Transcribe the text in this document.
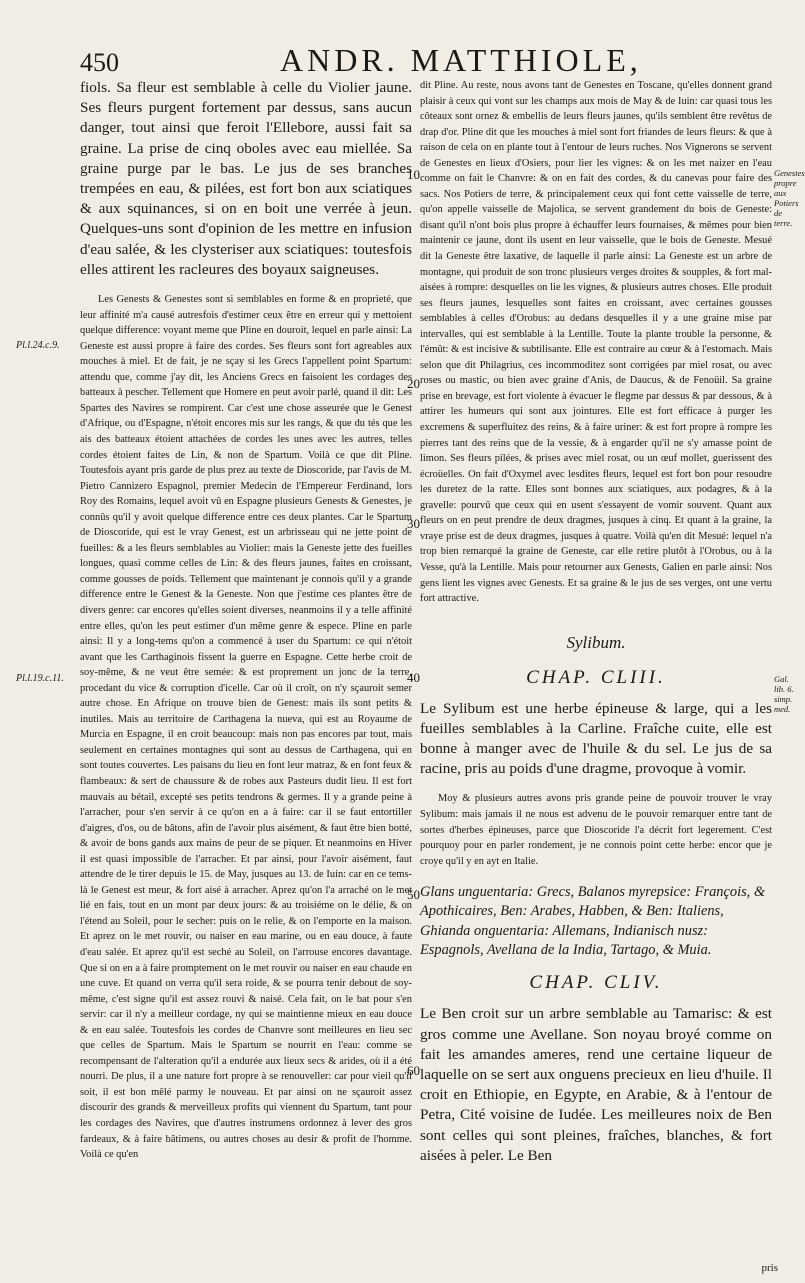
450	ANDR. MATTHIOLE,

fiols. Sa fleur est semblable à celle du Violier jaune. Ses fleurs purgent fortement par dessus, sans aucun danger, tout ainsi que feroit l'Ellebore, aussi fait sa graine. La prise de cinq oboles avec eau miellée. Sa graine purge par le bas. Le jus de ses branches trempées en eau, & pilées, est fort bon aux sciatiques & aux squinances, si on en boit une verrée à jeun. Quelques-uns sont d'opinion de les mettre en infusion d'eau salée, & les clysteriser aux sciatiques: toutesfois elles attirent les racleures des boyaux saigneuses.

Les Genests & Genestes sont si semblables en forme & en proprieté, que leur affinité m'a causé autresfois d'estimer ceux être en erreur qui y mettoient quelque difference: voyant meme que Pline en douroit, lequel en parle ainsi: La Geneste est aussi propre à faire des cordes. Ses fleurs sont fort agreables aux mouches à miel. Et de fait, je ne sçay si les Grecs l'appellent point Spartum: attendu que, comme j'ay dit, les Anciens Grecs en faisoient les cordages des batteaux à pescher. Tellement que Homere en peut avoir parlé, quand il dit: Les Spartes des Navires se rompirent. Car c'est une chose asseurée que le Genest d'Afrique, ou d'Espagne, n'étoit encores mis sur les rangs, & que du tés que les ais des batteaux étoient attachées de cordes les unes avec les autres, telles cordes étoient faites de Lin, & non de Spartum. Voilà ce que dit Pline. Toutesfois ayant pris garde de plus prez au texte de Dioscoride, par l'avis de M. Pietro Cannizero Espagnol, premier Medecin de l'Empereur Ferdinand, lors Roy des Romains, lequel avoit vû en Espagne plusieurs Genests & Genestes, je connûs qu'il y avoit quelque difference entre ces deux plantes. Car le Spartum de Dioscoride, qui est le vray Genest, est un arbrisseau qui ne jette point de fueilles: & a les fleurs semblables au Violier: mais la Geneste jette des fueilles longues, quasi comme celles de Lin: & des fleurs jaunes, faites en croissant, comme gousses de poids. Tellement que maintenant je connois qu'il y a grande difference entre le Genest & la Geneste. Non que j'estime ces plantes être de divers genre: car encores qu'elles soient diverses, neanmoins il y a telle affinité entre elles, qu'on les peut estimer d'un même genre & espece. Pline en parle ainsi: Il y a long-tems qu'on a commencé à user du Spartum: ce qui n'étoit avant que les Carthaginois fissent la guerre en Espagne. Cette herbe croit de soy-même, & ne veut être semée: & est proprement un jonc de la terre, procedant du vice & corruption d'icelle. Car où il croît, on n'y sçauroit semer autre chose. En Afrique on trouve bien de Genest: mais ils sont petits & inutiles. Mais au territoire de Carthagena la nueva, qui est au Royaume de Murcia en Espagne, il en croit beaucoup: mais non pas encores par tout, mais seulement en certaines montagnes qui sont au dessus de Carthagena, qui en sont toutes couvertes. Les paisans du lieu en font leur matraz, & en font feux & flambeaux: & sert de chaussure & de robes aux Pasteurs dudit lieu. Il est fort mauvais au bétail, excepté ses petits tendrons & germes. Il y a grande peine à l'arracher, pour s'en servir à ce qu'on en a à faire: car il se faut entortiller d'aigres, d'os, ou de bâtons, afin de l'avoir plus aisément, & faut être bien botté, & avoir de bons gands aux mains de peur de se piquer. Et neanmoins en Hiver il est quasi impossible de l'arracher. Et par ainsi, pour l'avoir aisément, faut attendre de le tirer depuis le 15. de May, jusques au 13. de Iuin: car en ce tems-là le Genest est meur, & fort aisé à arracher. Aprez qu'on l'a arraché on le met lié en fais, tout en un mont par deux jours: & au troisiéme on le délie, & on l'étend au Soleil, pour le secher: puis on le relie, & on l'emporte en la maison. Et aprez on le met rouvir, ou naiser en eau marine, ou en eau douce, à faute d'eau salée. Et aprez qu'il est seché au Soleil, on l'arrouse encores davantage. Que si on en a à faire promptement on le met rouvir ou naiser en eau chaude en une cuve. Et quand on verra qu'il sera roide, & se pourra tenir debout de soy-même, c'est signe qu'il est assez rouvi & naisé. Cela fait, on le bat pour s'en servir: car il n'y a meilleur cordage, ny qui se maintienne mieux en eau douce & en eau salée. Toutesfois les cordes de Chanvre sont meilleures en lieu sec que celles de Spartum. Mais le Spartum se nourrit en l'eau: comme se recompensant de l'alteration qu'il a endurée aux lieux secs & arides, où il a été nourri. De plus, il a une nature fort propre à se renouveller: car pour vieil qu'il soit, il est bon mêlé parmy le nouveau. Et par ainsi on ne sçauroit assez discourir des grands & merveilleux profits qui viennent du Spartum, tant pour les cordages des Navires, que d'autres instrumens ordonnez à lever des gros fardeaux, & à faire bâtimens, ou autres choses au desir & profit de l'homme. Voilà ce qu'en

dit Pline. Au reste, nous avons tant de Genestes en Toscane, qu'elles donnent grand plaisir à ceux qui vont sur les champs aux mois de May & de Iuin: car quasi tous les côteaux sont ornez & embellis de leurs fleurs jaunes, qu'ils semblent être revêtus de drap d'or. Pline dit que les mouches à miel sont fort friandes de leurs fleurs: & que à raison de cela on en plante tout à l'entour de leurs ruches. Nos Vignerons se servent de Genestes en lieux d'Osiers, pour lier les vignes: & on les met naizer en l'eau comme on fait le Chanvre: & on en fait des cordes, & du canevas pour faire des sacs. Nos Potiers de terre, & principalement ceux qui font cette vaisselle de terre, qu'on appelle vaisselle de Majolica, se servent grandement du bois de Geneste: disant qu'il n'ont bois plus propre à échauffer leurs fournaises, & mêmes pour bien maintenir ce jaune, dont ils usent en leur vaisselle, que le bois de Geneste. Mesué dit la Geneste être laxative, de laquelle il parle ainsi: La Geneste est un arbre de montagne, qui produit de son tronc plusieurs verges droites & soupples, & fort mal-aisées à rompre: desquelles on lie les vignes, & plusieurs autres choses. Elle produit ses fleurs jaunes, lesquelles sont faites en croissant, avec certaines gousses semblables à celles d'Orobus: au dedans desquelles il y a une graine mise par intervalles, qui est semblable à la Lentille. Toute la plante trouble la personne, & l'émût: & est incisive & subtilisante. Elle est contraire au cœur & à l'estomach. Mais selon que dit Philagrius, ces incommoditez sont corrigées par miel rosat, ou avec roses ou mastic, ou bien avec graine d'Anis, de Daucus, & de Fenoüil. Sa graine prise en brevage, est fort violente à évacuer le flegme par dessus & par dessous, & à attirer les humeurs qui sont aux jointures. Elle est fort efficace à purger les excremens & superfluitez des reins, & à faire uriner: & est fort propre à rompre les pierres tant des reins que de la vessie, & à engarder qu'il ne s'y amasse point de limon. Ses fleurs pilées, & prises avec miel rosat, ou un œuf mollet, guerissent des écroüelles. On fait d'Oxymel avec lesdites fleurs, lequel est fort bon pour resoudre les duretez de la ratte. Elles sont bonnes aux sciatiques, aux podagres, & à la gravelle: pourvû que ceux qui en usent s'essayent de vomir souvent. Quant aux fleurs on en peut prendre de deux dragmes, jusques à cinq. Et quant à la graine, la vraye prise est de deux dragmes, jusques à quatre. Voilà qu'en dit Mesué: lequel n'a trop bien remarqué la graine de Geneste, car elle retire plutôt à l'Orobus, ou à la Vesse, qu'à la Lentille. Mais pour retourner aux Genests, Galien en parle ainsi: Nos gens lient les vignes avec Genests. Et sa graine & le jus de ses verges, ont une vertu fort attractive.

Sylibum.
CHAP. CLIII.

Le Sylibum est une herbe épineuse & large, qui a les fueilles semblables à la Carline. Fraîche cuite, elle est bonne à manger avec de l'huile & du sel. Le jus de sa racine, pris au poids d'une dragme, provoque à vomir.

Moy & plusieurs autres avons pris grande peine de pouvoir trouver le vray Sylibum: mais jamais il ne nous est advenu de le pouvoir remarquer entre tant de sortes d'herbes épineuses, parce que Dioscoride l'a décrit fort legerement. C'est pourquoy pour en parler rondement, je ne connois point cette herbe: encor que je croye qu'il y en ayt en Italie.

Glans unguentaria: Grecs, Balanos myrepsice: François, & Apothicaires, Ben: Arabes, Habben, & Ben: Italiens, Ghianda onguentaria: Allemans, Indianisch nusz: Espagnols, Avellana de la India, Tartago, & Muia.

CHAP. CLIV.

Le Ben croit sur un arbre semblable au Tamarisc: & est gros comme une Avellane. Son noyau broyé comme on fait les amandes ameres, rend une certaine liqueur de laquelle on se sert aux onguens precieux en lieu d'huile. Il croit en Ethiopie, en Egypte, en Arabie, & à l'entour de Petra, Cité voisine de Iudée. Les meilleures noix de Ben sont celles qui sont pleines, fraîches, blanches, & fort aisées à peler. Le Ben

10
20
30
40
50
60
Pl.l.24.c.9.
Pl.l.19.c.11.
Genestes propre aux Potiers de terre.
Gal. lib. 6. simp. med.
pris
